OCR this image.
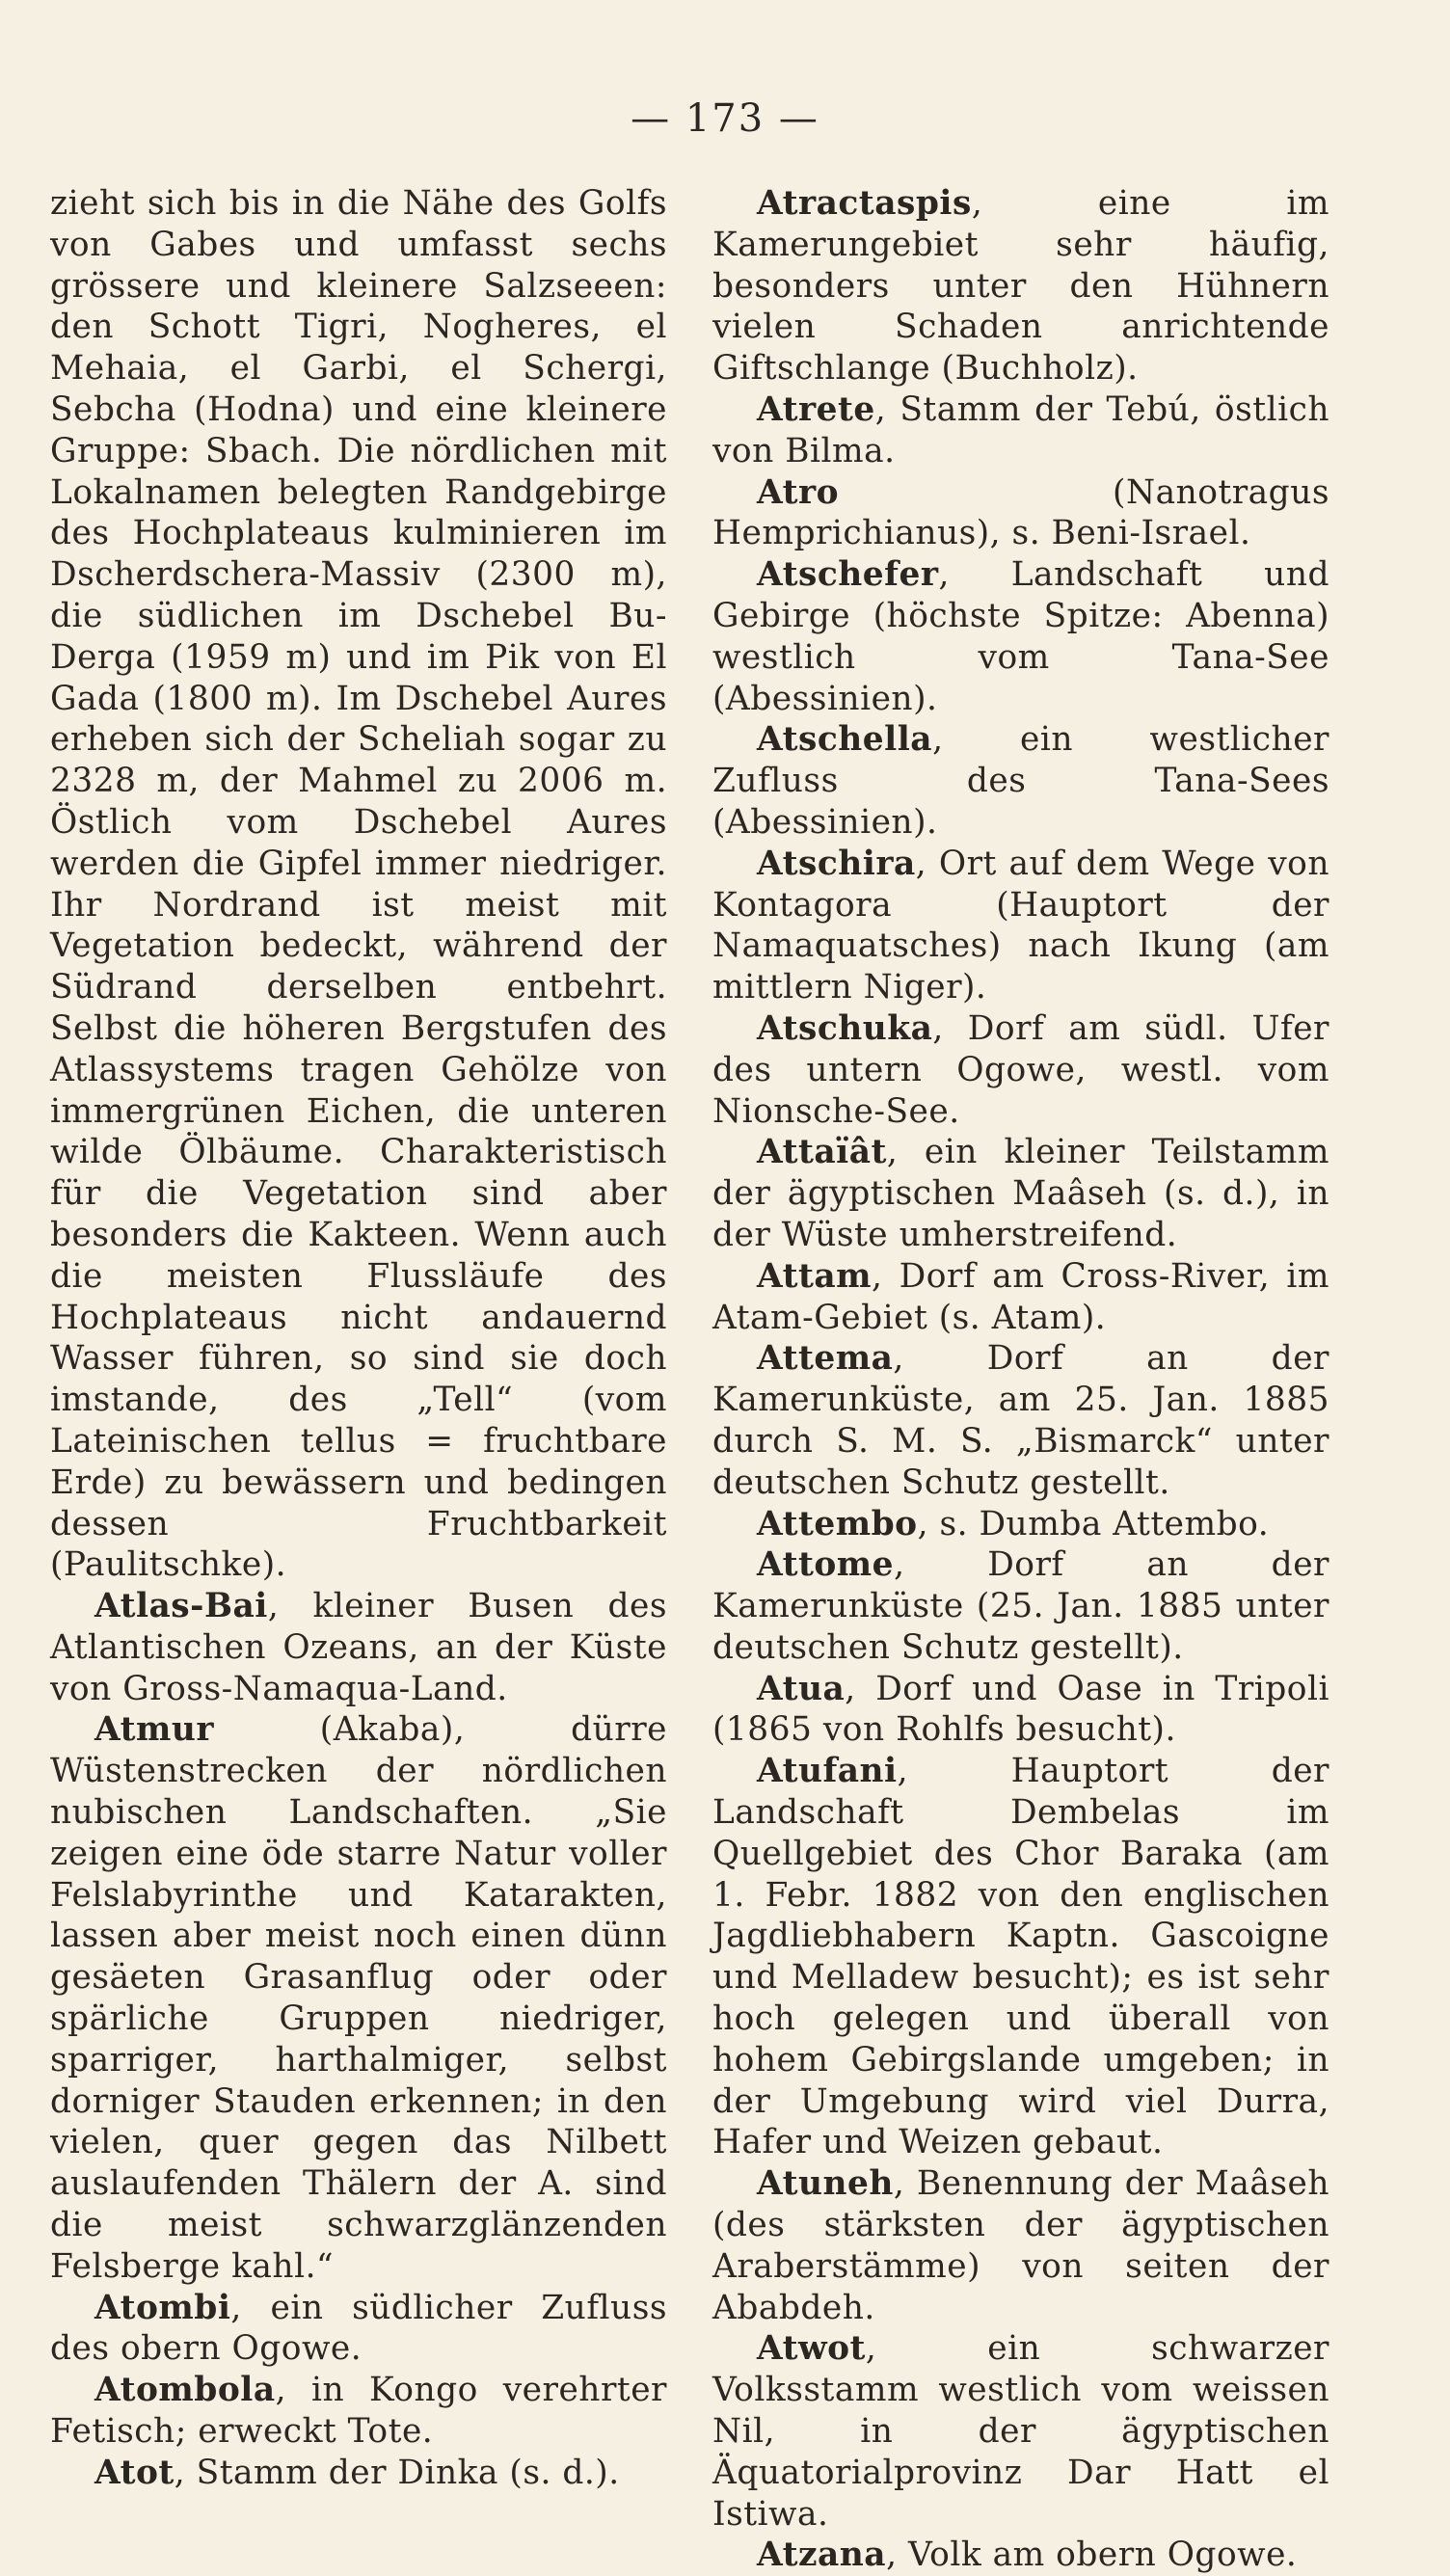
— 173 —

zieht sich bis in die Nähe des Golfs von Gabes und umfasst sechs grössere und kleinere Salzseeen: den Schott Tigri, Nogheres, el Mehaia, el Garbi, el Schergi, Sebcha (Hodna) und eine kleinere Gruppe: Sbach. Die nördlichen mit Lokalnamen belegten Randgebirge des Hochplateaus kulminieren im Dscherdschera-Massiv (2300 m), die südlichen im Dschebel Bu-Derga (1959 m) und im Pik von El Gada (1800 m). Im Dschebel Aures erheben sich der Scheliah sogar zu 2328 m, der Mahmel zu 2006 m. Östlich vom Dschebel Aures werden die Gipfel immer niedriger. Ihr Nordrand ist meist mit Vegetation bedeckt, während der Südrand derselben entbehrt. Selbst die höheren Bergstufen des Atlassystems tragen Gehölze von immergrünen Eichen, die unteren wilde Ölbäume. Charakteristisch für die Vegetation sind aber besonders die Kakteen. Wenn auch die meisten Flussläufe des Hochplateaus nicht andauernd Wasser führen, so sind sie doch imstande, des „Tell“ (vom Lateinischen tellus = fruchtbare Erde) zu bewässern und bedingen dessen Fruchtbarkeit (Paulitschke).

Atlas-Bai, kleiner Busen des Atlantischen Ozeans, an der Küste von Gross-Namaqua-Land.

Atmur (Akaba), dürre Wüstenstrecken der nördlichen nubischen Landschaften. „Sie zeigen eine öde starre Natur voller Felslabyrinthe und Katarakten, lassen aber meist noch einen dünn gesäeten Grasanflug oder oder spärliche Gruppen niedriger, sparriger, harthalmiger, selbst dorniger Stauden erkennen; in den vielen, quer gegen das Nilbett auslaufenden Thälern der A. sind die meist schwarzglänzenden Felsberge kahl.“

Atombi, ein südlicher Zufluss des obern Ogowe.

Atombola, in Kongo verehrter Fetisch; erweckt Tote.

Atot, Stamm der Dinka (s. d.).

Atractaspis, eine im Kamerungebiet sehr häufig, besonders unter den Hühnern vielen Schaden anrichtende Giftschlange (Buchholz).

Atrete, Stamm der Tebú, östlich von Bilma.

Atro (Nanotragus Hemprichianus), s. Beni-Israel.

Atschefer, Landschaft und Gebirge (höchste Spitze: Abenna) westlich vom Tana-See (Abessinien).

Atschella, ein westlicher Zufluss des Tana-Sees (Abessinien).

Atschira, Ort auf dem Wege von Kontagora (Hauptort der Namaquatsches) nach Ikung (am mittlern Niger).

Atschuka, Dorf am südl. Ufer des untern Ogowe, westl. vom Nionsche-See.

Attaïât, ein kleiner Teilstamm der ägyptischen Maâseh (s. d.), in der Wüste umherstreifend.

Attam, Dorf am Cross-River, im Atam-Gebiet (s. Atam).

Attema, Dorf an der Kamerunküste, am 25. Jan. 1885 durch S. M. S. „Bismarck“ unter deutschen Schutz gestellt.

Attembo, s. Dumba Attembo.

Attome, Dorf an der Kamerunküste (25. Jan. 1885 unter deutschen Schutz gestellt).

Atua, Dorf und Oase in Tripoli (1865 von Rohlfs besucht).

Atufani, Hauptort der Landschaft Dembelas im Quellgebiet des Chor Baraka (am 1. Febr. 1882 von den englischen Jagdliebhabern Kaptn. Gascoigne und Melladew besucht); es ist sehr hoch gelegen und überall von hohem Gebirgslande umgeben; in der Umgebung wird viel Durra, Hafer und Weizen gebaut.

Atuneh, Benennung der Maâseh (des stärksten der ägyptischen Araberstämme) von seiten der Ababdeh.

Atwot, ein schwarzer Volksstamm westlich vom weissen Nil, in der ägyptischen Äquatorialprovinz Dar Hatt el Istiwa.

Atzana, Volk am obern Ogowe.
